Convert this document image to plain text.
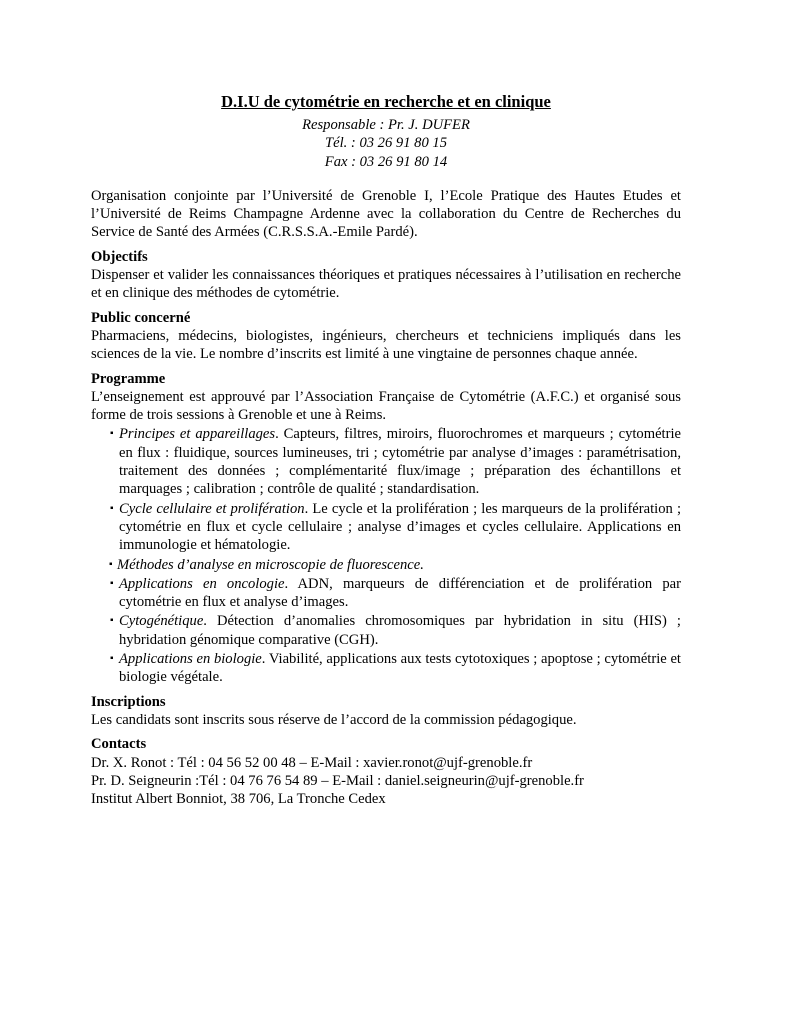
D.I.U de cytométrie en recherche et en clinique
Responsable : Pr. J. DUFER
Tél. : 03 26 91 80 15
Fax : 03 26 91 80 14
Organisation conjointe par l’Université de Grenoble I, l’Ecole Pratique des Hautes Etudes et l’Université de Reims Champagne Ardenne avec la collaboration du Centre de Recherches du Service de Santé des Armées (C.R.S.S.A.-Emile Pardé).
Objectifs
Dispenser et valider les connaissances théoriques et pratiques nécessaires à l’utilisation en recherche et en clinique des méthodes de cytométrie.
Public concerné
Pharmaciens, médecins, biologistes, ingénieurs, chercheurs et techniciens impliqués dans les sciences de la vie. Le nombre d’inscrits est limité à une vingtaine de personnes chaque année.
Programme
L’enseignement est approuvé par l’Association Française de Cytométrie (A.F.C.) et organisé sous forme de trois sessions à Grenoble et une à Reims.
▪ Principes et appareillages. Capteurs, filtres, miroirs, fluorochromes et marqueurs ; cytométrie en flux : fluidique, sources lumineuses, tri ; cytométrie par analyse d’images : paramétrisation, traitement des données ; complémentarité flux/image ; préparation des échantillons et marquages ; calibration ; contrôle de qualité ; standardisation.
▪ Cycle cellulaire et prolifération. Le cycle et la prolifération ; les marqueurs de la prolifération ; cytométrie en flux et cycle cellulaire ; analyse d’images et cycles cellulaire. Applications en immunologie et hématologie.
▪ Méthodes d’analyse en microscopie de fluorescence.
▪ Applications en oncologie. ADN, marqueurs de différenciation et de prolifération par cytométrie en flux et analyse d’images.
▪ Cytogénétique. Détection d’anomalies chromosomiques par hybridation in situ (HIS) ; hybridation génomique comparative (CGH).
▪ Applications en biologie. Viabilité, applications aux tests cytotoxiques ; apoptose ; cytométrie et biologie végétale.
Inscriptions
Les candidats sont inscrits sous réserve de l’accord de la commission pédagogique.
Contacts
Dr. X. Ronot : Tél : 04 56 52 00 48 – E-Mail : xavier.ronot@ujf-grenoble.fr
Pr. D. Seigneurin :Tél : 04 76 76 54 89 – E-Mail : daniel.seigneurin@ujf-grenoble.fr
Institut Albert Bonniot, 38 706, La Tronche Cedex
